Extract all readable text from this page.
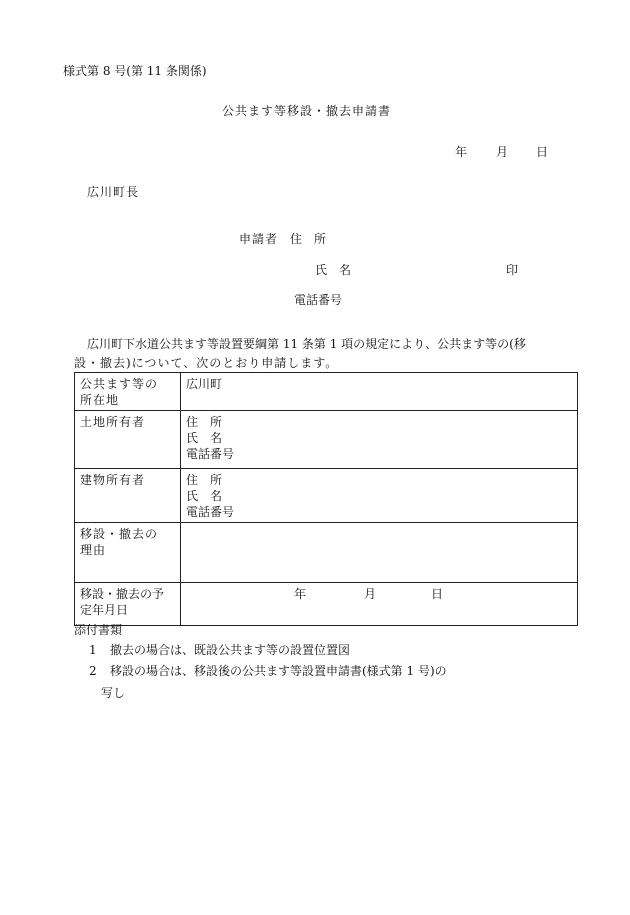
様式第 8 号(第 11 条関係)
公共ます等移設・撤去申請書
年 月 日
広川町長
申請者 住　所
氏　名	印
電話番号
広川町下水道公共ます等設置要綱第 11 条第 1 項の規定により、公共ます等の(移
設・撤去)について、次のとおり申請します。
公共ます等の
所在地	広川町
土地所有者	住　所
氏　名
電話番号

建物所有者	住　所
氏　名
電話番号

移設・撤去の
理由	

移設・撤去の予
定年月日	年 月 日
添付書類
1 撤去の場合は、既設公共ます等の設置位置図
2 移設の場合は、移設後の公共ます等設置申請書(様式第 1 号)の
写し
